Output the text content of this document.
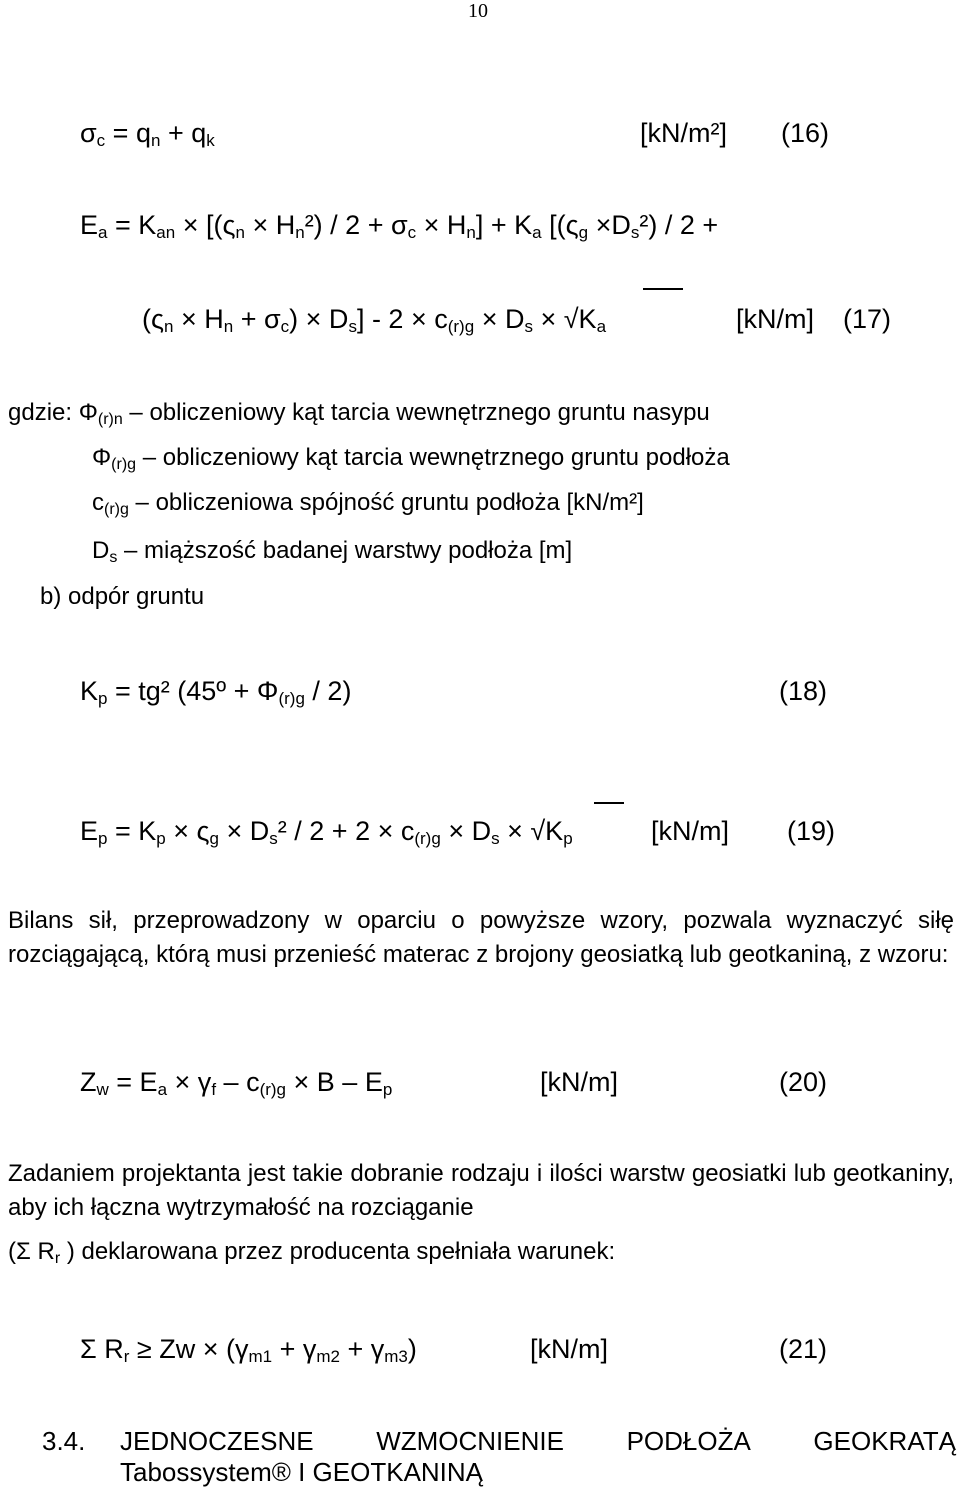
10
$\sigma_c = q_n + q_k$	[kN/m²] (16)
$E_a = K_{an} \times [(\varsigma_n \times H_n^2) / 2 + \sigma_c \times H_n] + K_a$ [$(\varsigma_g \times D_s^2) / 2$ +
$(\varsigma_n \times H_n + \sigma_c) \times D_s] - 2 \times c_{(r)g} \times D_s \times √K_a$	[kN/m] (17)
gdzie: $\Phi_{(r)n}$ – obliczeniowy kąt tarcia wewnętrznego gruntu nasypu
$\Phi_{(r)g}$ – obliczeniowy kąt tarcia wewnętrznego gruntu podłoża
$c_{(r)g}$ – obliczeniowa spójność gruntu podłoża [kN/m²]
$D_s$ – miąższość badanej warstwy podłoża [m]
b) odpór gruntu
$K_p = tg^2$ (45º + $\Phi_{(r)g} / 2$)	(18)
$E_p = K_p \times \varsigma_g \times D_s^2 / 2 + 2 \times c_{(r)g} \times D_s \times √K_p$	[kN/m] (19)
Bilans sił, przeprowadzony w oparciu o powyższe wzory, pozwala wyznaczyć siłę rozciągającą, którą musi przenieść materac z brojony geosiatką lub geotkaniną, z wzoru:
$Z_w = E_a \times \gamma_f - c_{(r)g} \times B - E_p$	[kN/m]	(20)
Zadaniem projektanta jest takie dobranie rodzaju i ilości warstw geosiatki lub geotkaniny, aby ich łączna wytrzymałość na rozciąganie
(Σ $R_r$ ) deklarowana przez producenta spełniała warunek:
Σ $R_r \ge Zw \times (\gamma_{m1} + \gamma_{m2} + \gamma_{m3})$	[kN/m]	(21)
3.4. JEDNOCZESNE WZMOCNIENIE PODŁOŻA GEOKRATĄ
Tabossystem® I GEOTKANINĄ
